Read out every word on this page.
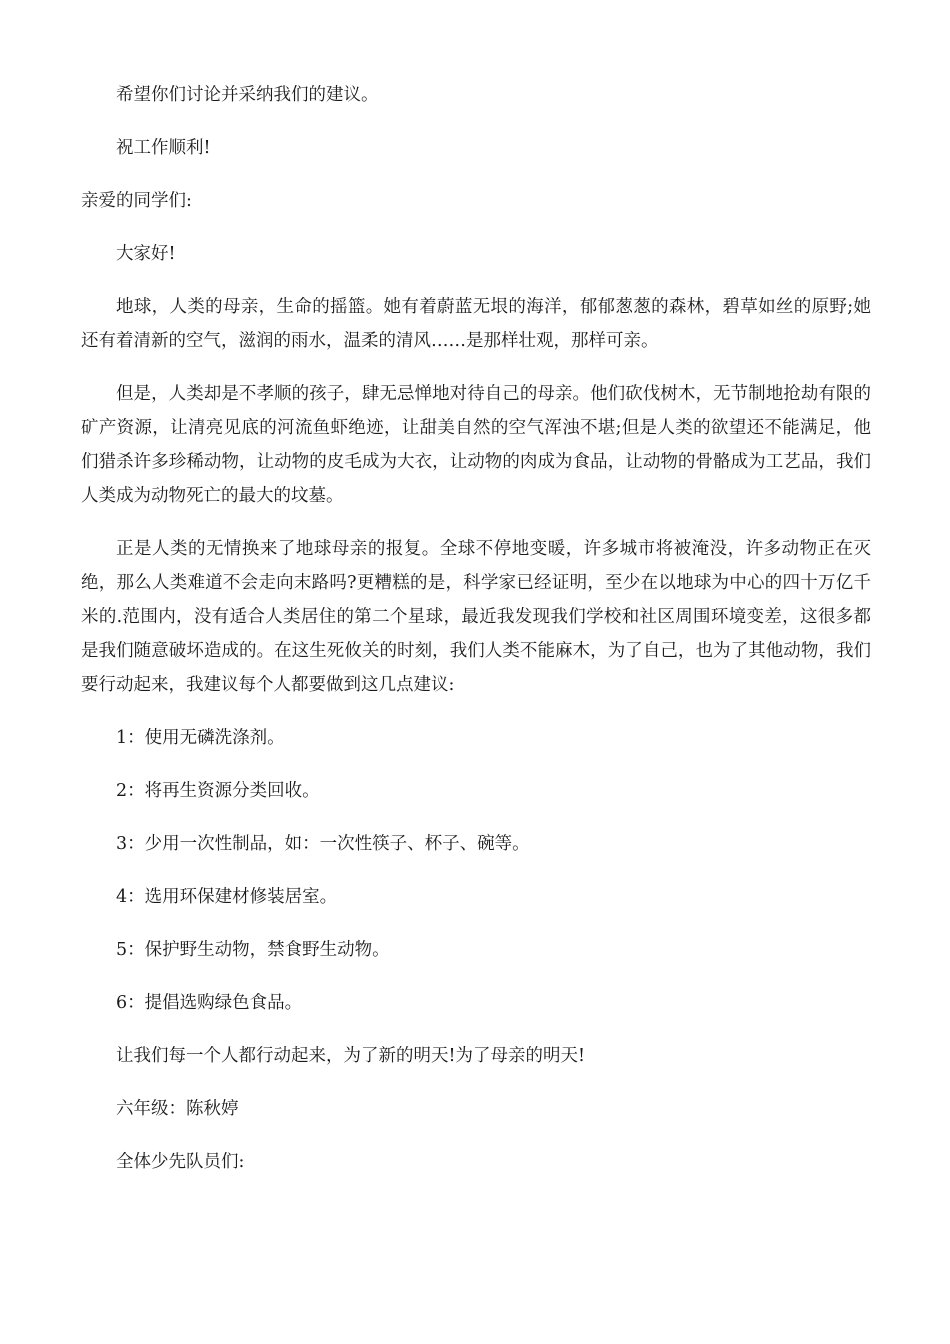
希望你们讨论并采纳我们的建议。

祝工作顺利!

亲爱的同学们:

大家好!

地球，人类的母亲，生命的摇篮。她有着蔚蓝无垠的海洋，郁郁葱葱的森林，碧草如丝的原野;她还有着清新的空气，滋润的雨水，温柔的清风……是那样壮观，那样可亲。

但是，人类却是不孝顺的孩子，肆无忌惮地对待自己的母亲。他们砍伐树木，无节制地抢劫有限的矿产资源，让清亮见底的河流鱼虾绝迹，让甜美自然的空气浑浊不堪;但是人类的欲望还不能满足，他们猎杀许多珍稀动物，让动物的皮毛成为大衣，让动物的肉成为食品，让动物的骨骼成为工艺品，我们人类成为动物死亡的最大的坟墓。

正是人类的无情换来了地球母亲的报复。全球不停地变暖，许多城市将被淹没，许多动物正在灭绝，那么人类难道不会走向末路吗?更糟糕的是，科学家已经证明，至少在以地球为中心的四十万亿千米的.范围内，没有适合人类居住的第二个星球，最近我发现我们学校和社区周围环境变差，这很多都是我们随意破坏造成的。在这生死攸关的时刻，我们人类不能麻木，为了自己，也为了其他动物，我们要行动起来，我建议每个人都要做到这几点建议:

1：使用无磷洗涤剂。

2：将再生资源分类回收。

3：少用一次性制品，如：一次性筷子、杯子、碗等。

4：选用环保建材修装居室。

5：保护野生动物，禁食野生动物。

6：提倡选购绿色食品。

让我们每一个人都行动起来，为了新的明天!为了母亲的明天!

六年级：陈秋婷

全体少先队员们:
